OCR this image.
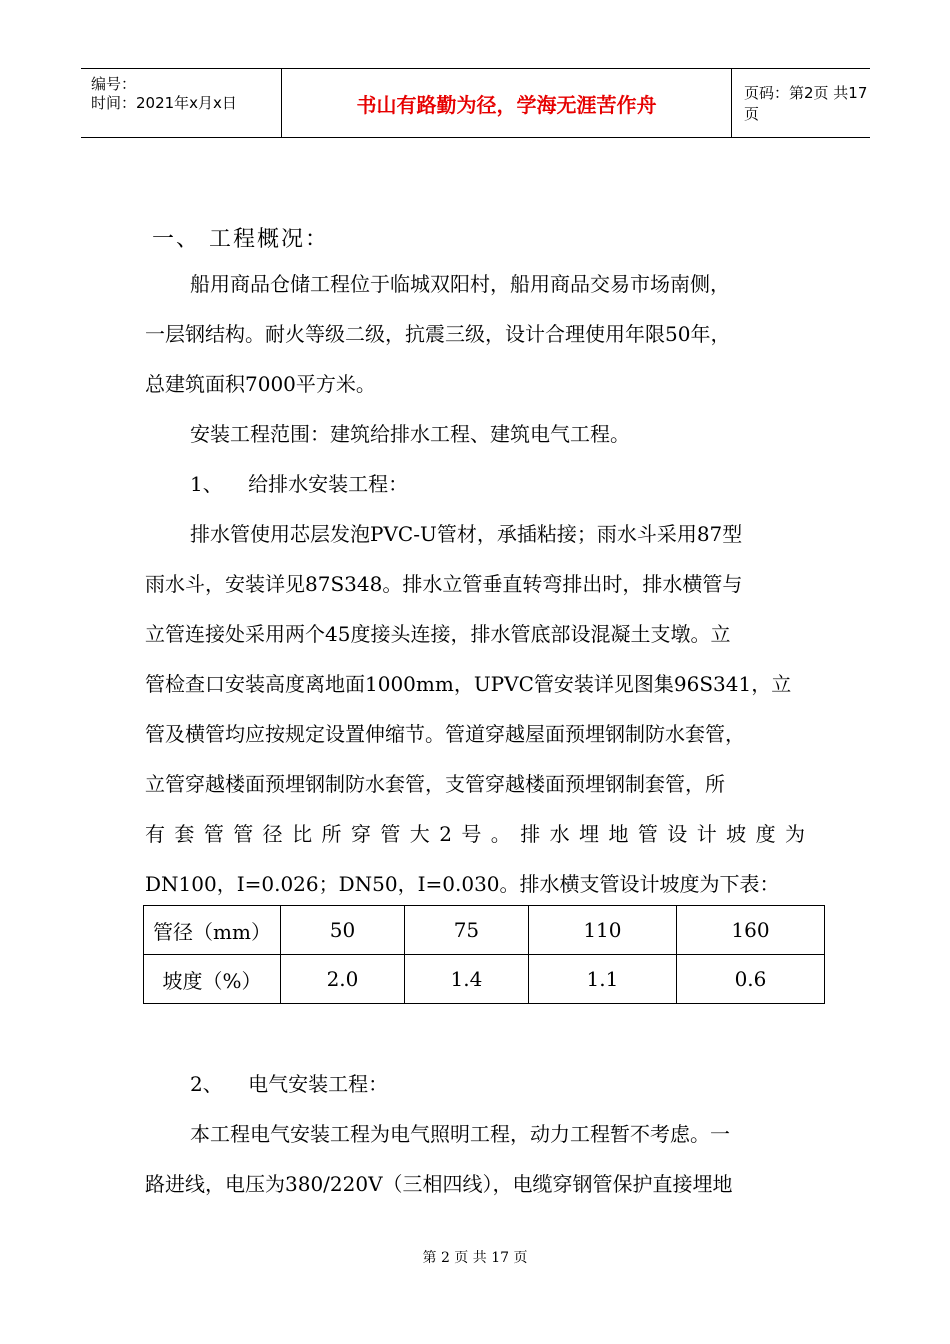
编号：
时间：2021年x月x日	书山有路勤为径，学海无涯苦作舟	页码：第2页 共17页
一、 工程概况：
船用商品仓储工程位于临城双阳村，船用商品交易市场南侧，
一层钢结构。耐火等级二级，抗震三级，设计合理使用年限50年，
总建筑面积7000平方米。
安装工程范围：建筑给排水工程、建筑电气工程。
1、    给排水安装工程：
排水管使用芯层发泡PVC-U管材，承插粘接；雨水斗采用87型
雨水斗，安装详见87S348。排水立管垂直转弯排出时，排水横管与
立管连接处采用两个45度接头连接，排水管底部设混凝土支墩。立
管检查口安装高度离地面1000mm，UPVC管安装详见图集96S341，立
管及横管均应按规定设置伸缩节。管道穿越屋面预埋钢制防水套管，
立管穿越楼面预埋钢制防水套管，支管穿越楼面预埋钢制套管，所
有套管管径比所穿管大2号。排水埋地管设计坡度为
DN100，I=0.026；DN50，I=0.030。排水横支管设计坡度为下表：
管径（mm）	50	75	110	160
坡度（%）	2.0	1.4	1.1	0.6
2、    电气安装工程：
本工程电气安装工程为电气照明工程，动力工程暂不考虑。一
路进线，电压为380/220V（三相四线），电缆穿钢管保护直接埋地
第 2 页 共 17 页
